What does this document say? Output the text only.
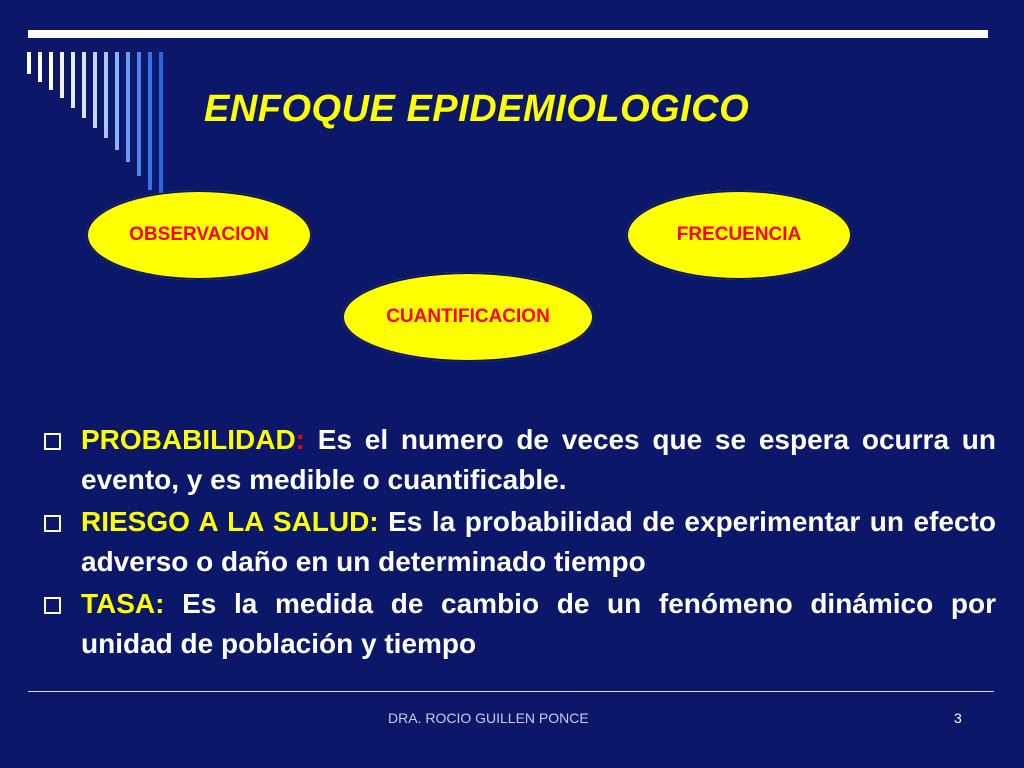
ENFOQUE EPIDEMIOLOGICO
OBSERVACION	FRECUENCIA
CUANTIFICACION
PROBABILIDAD: Es el numero de veces que se espera ocurra un evento, y es medible o cuantificable.
RIESGO A LA SALUD: Es la probabilidad de experimentar un efecto adverso o daño en un determinado tiempo
TASA: Es la medida de cambio de un fenómeno dinámico por unidad de población y tiempo
DRA. ROCIO GUILLEN PONCE	3
